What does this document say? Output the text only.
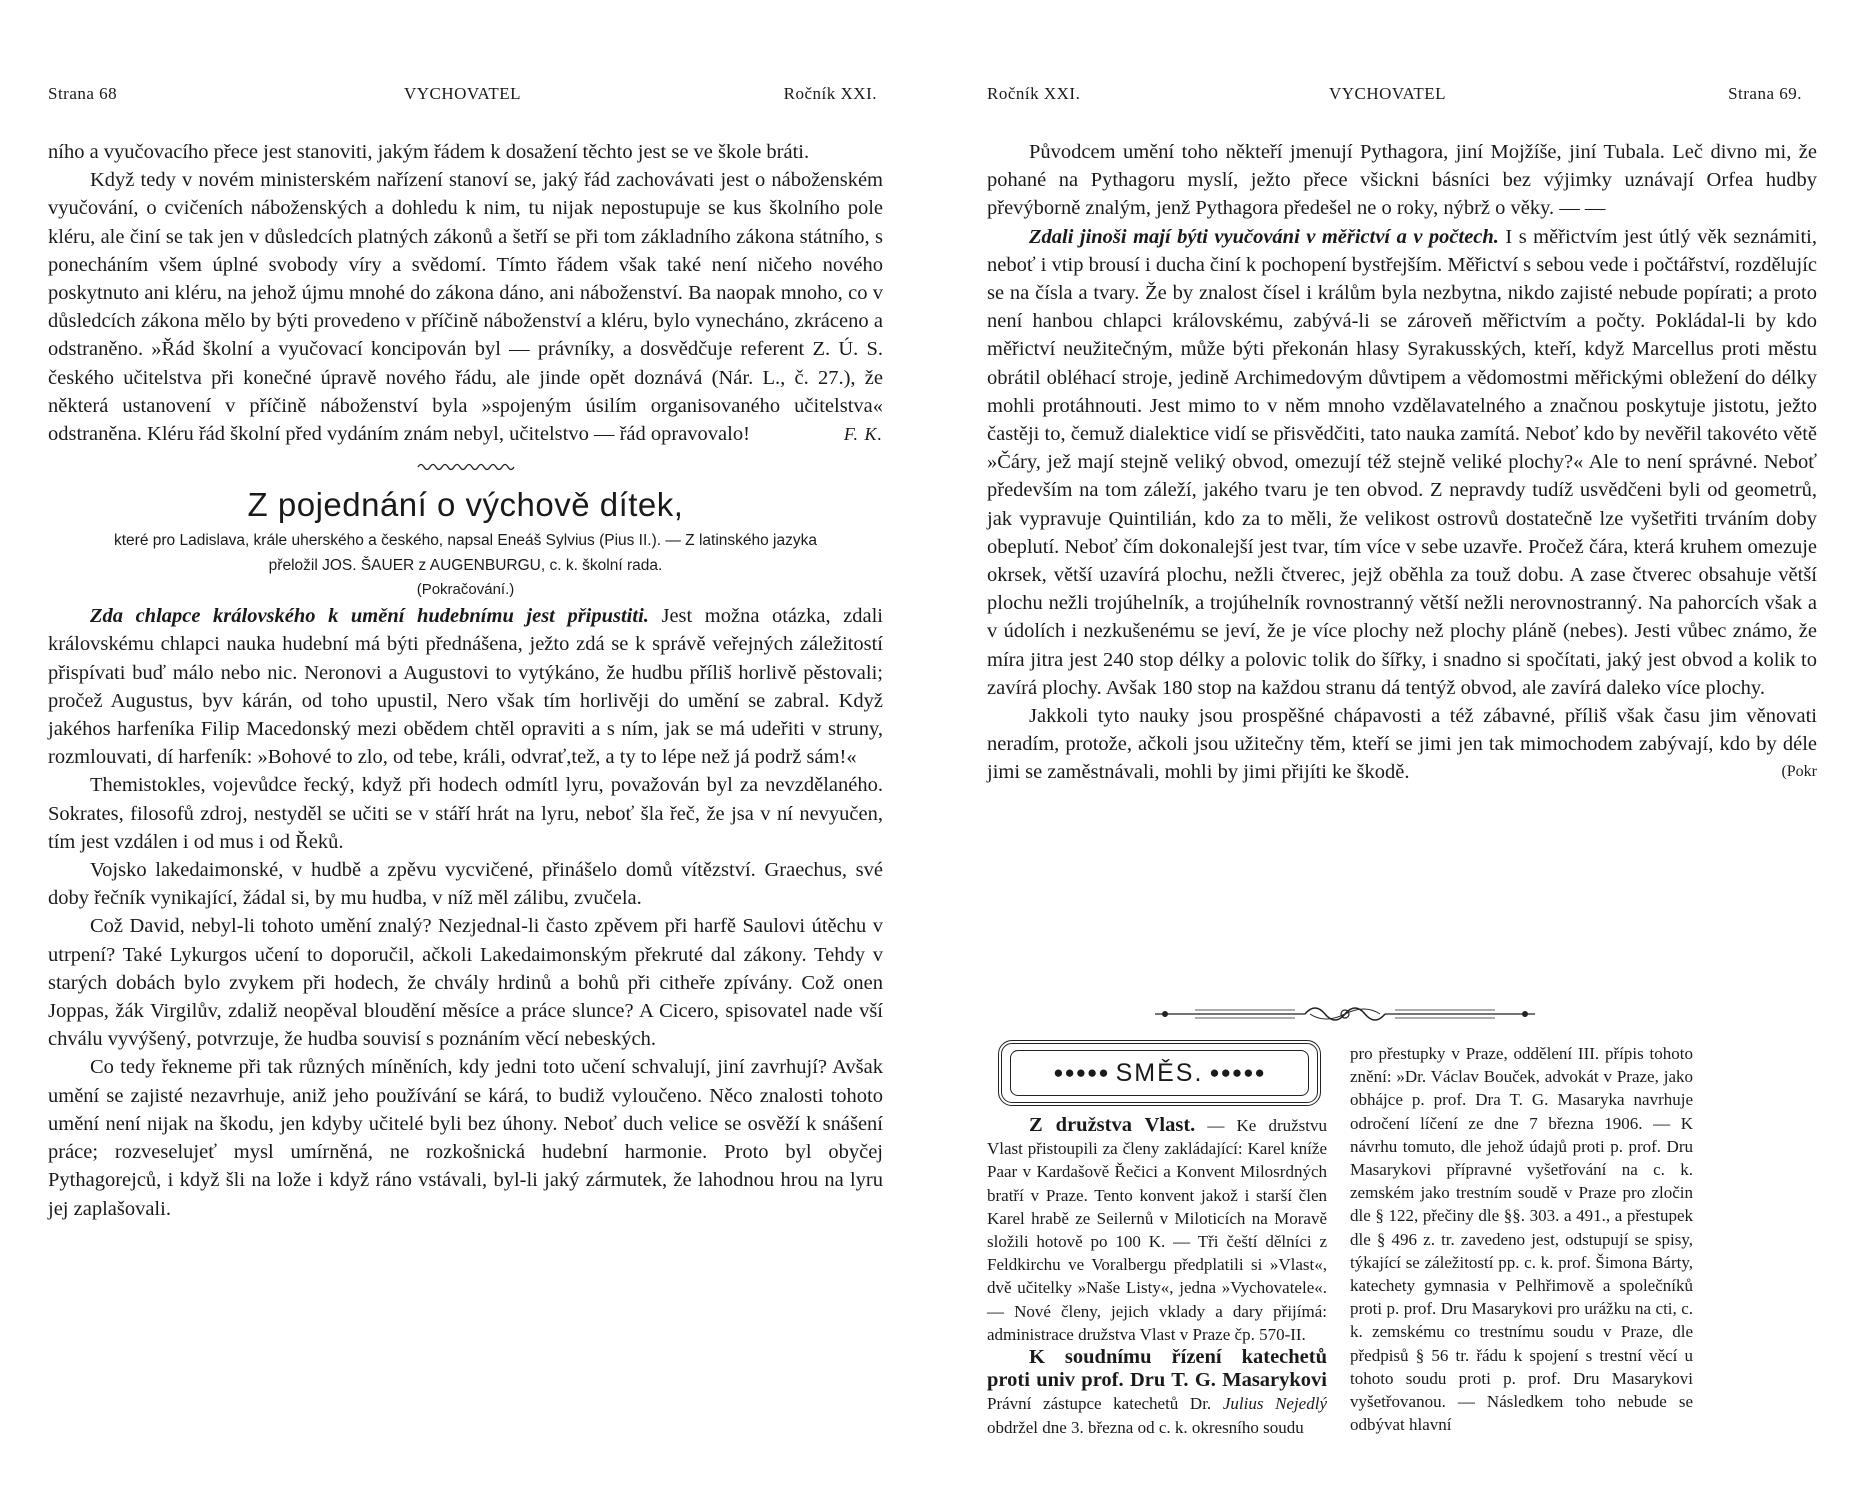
Strana 68	VYCHOVATEL	Ročník XXI.

ního a vyučovacího přece jest stanoviti, jakým řádem k dosažení těchto jest se ve škole bráti.

Když tedy v novém ministerském nařízení stanoví se, jaký řád zachovávati jest o náboženském vyučování, o cvičeních náboženských a dohledu k nim, tu nijak nepostupuje se kus školního pole kléru, ale činí se tak jen v důsledcích platných zákonů a šetří se při tom základního zákona státního, s ponecháním všem úplné svobody víry a svědomí. Tímto řádem však také není ničeho nového poskytnuto ani kléru, na jehož újmu mnohé do zákona dáno, ani náboženství. Ba naopak mnoho, co v důsledcích zákona mělo by býti provedeno v příčině náboženství a kléru, bylo vynecháno, zkráceno a odstraněno. »Řád školní a vyučovací koncipován byl — právníky, a dosvědčuje referent Z. Ú. S. českého učitelstva při konečné úpravě nového řádu, ale jinde opět doznává (Nár. L., č. 27.), že některá ustanovení v příčině náboženství byla »spojeným úsilím organisovaného učitelstva« odstraněna. Kléru řád školní před vydáním znám nebyl, učitelstvo — řád opravovalo!	F. K.

Z pojednání o výchově dítek,
které pro Ladislava, krále uherského a českého, napsal Eneáš Sylvius (Pius II.). — Z latinského jazyka
přeložil JOS. ŠAUER z AUGENBURGU, c. k. školní rada.
(Pokračování.)

Zda chlapce královského k umění hudebnímu jest připustiti. Jest možna otázka, zdali královskému chlapci nauka hudební má býti přednášena, ježto zdá se k správě veřejných záležitostí přispívati buď málo nebo nic. Neronovi a Augustovi to vytýkáno, že hudbu příliš horlivě pěstovali; pročež Augustus, byv kárán, od toho upustil, Nero však tím horlivěji do umění se zabral. Když jakéhos harfeníka Filip Macedonský mezi obědem chtěl opraviti a s ním, jak se má udeřiti v struny, rozmlouvati, dí harfeník: »Bohové to zlo, od tebe, králi, odvrať,tež, a ty to lépe než já podrž sám!«

Themistokles, vojevůdce řecký, když při hodech odmítl lyru, považován byl za nevzdělaného. Sokrates, filosofů zdroj, nestyděl se učiti se v stáří hrát na lyru, neboť šla řeč, že jsa v ní nevyučen, tím jest vzdálen i od mus i od Řeků.

Vojsko lakedaimonské, v hudbě a zpěvu vycvičené, přinášelo domů vítězství. Graechus, své doby řečník vynikající, žádal si, by mu hudba, v níž měl zálibu, zvučela.

Což David, nebyl-li tohoto umění znalý? Nezjednal-li často zpěvem při harfě Saulovi útěchu v utrpení? Také Lykurgos učení to doporučil, ačkoli Lakedaimonským překruté dal zákony. Tehdy v starých dobách bylo zvykem při hodech, že chvály hrdinů a bohů při citheře zpívány. Což onen Joppas, žák Virgilův, zdaliž neopěval bloudění měsíce a práce slunce? A Cicero, spisovatel nade vší chválu vyvýšený, potvrzuje, že hudba souvisí s poznáním věcí nebeských.

Co tedy řekneme při tak různých míněních, kdy jedni toto učení schvalují, jiní zavrhují? Avšak umění se zajisté nezavrhuje, aniž jeho používání se kárá, to budiž vyloučeno. Něco znalosti tohoto umění není nijak na škodu, jen kdyby učitelé byli bez úhony. Neboť duch velice se osvěží k snášení práce; rozveselujeť mysl umírněná, ne rozkošnická hudební harmonie. Proto byl obyčej Pythagorejců, i když šli na lože i když ráno vstávali, byl-li jaký zármutek, že lahodnou hrou na lyru jej zaplašovali.

Ročník XXI.	VYCHOVATEL	Strana 69.

Původcem umění toho někteří jmenují Pythagora, jiní Mojžíše, jiní Tubala. Leč divno mi, že pohané na Pythagoru myslí, ježto přece všickni básníci bez výjimky uznávají Orfea hudby převýborně znalým, jenž Pythagora předešel ne o roky, nýbrž o věky. — —

Zdali jinoši mají býti vyučováni v měřictví a v počtech. I s měřictvím jest útlý věk seznámiti, neboť i vtip brousí i ducha činí k pochopení bystřejším. Měřictví s sebou vede i počtářství, rozdělujíc se na čísla a tvary. Že by znalost čísel i králům byla nezbytna, nikdo zajisté nebude popírati; a proto není hanbou chlapci královskému, zabývá-li se zároveň měřictvím a počty. Pokládal-li by kdo měřictví neužitečným, může býti překonán hlasy Syrakusských, kteří, když Marcellus proti městu obrátil obléhací stroje, jedině Archimedovým důvtipem a vědomostmi měřickými obležení do délky mohli protáhnouti. Jest mimo to v něm mnoho vzdělavatelného a značnou poskytuje jistotu, ježto častěji to, čemuž dialektice vidí se přisvědčiti, tato nauka zamítá. Neboť kdo by nevěřil takovéto větě »Čáry, jež mají stejně veliký obvod, omezují též stejně veliké plochy?« Ale to není správné. Neboť především na tom záleží, jakého tvaru je ten obvod. Z nepravdy tudíž usvědčeni byli od geometrů, jak vypravuje Quintilián, kdo za to měli, že velikost ostrovů dostatečně lze vyšetřiti trváním doby obeplutí. Neboť čím dokonalejší jest tvar, tím více v sebe uzavře. Pročež čára, která kruhem omezuje okrsek, větší uzavírá plochu, nežli čtverec, jejž oběhla za touž dobu. A zase čtverec obsahuje větší plochu nežli trojúhelník, a trojúhelník rovnostranný větší nežli nerovnostranný. Na pahorcích však a v údolích i nezkušenému se jeví, že je více plochy než plochy pláně (nebes). Jesti vůbec známo, že míra jitra jest 240 stop délky a polovic tolik do šířky, i snadno si spočítati, jaký jest obvod a kolik to zavírá plochy. Avšak 180 stop na každou stranu dá tentýž obvod, ale zavírá daleko více plochy.

Jakkoli tyto nauky jsou prospěšné chápavosti a též zábavné, příliš však času jim věnovati neradím, protože, ačkoli jsou užitečny těm, kteří se jimi jen tak mimochodem zabývají, kdo by déle jimi se zaměstnávali, mohli by jimi přijíti ke škodě.	(Pokr

●●●●● SMĚS. ●●●●●

Z družstva Vlast. — Ke družstvu Vlast přistoupili za členy zakládající: Karel kníže Paar v Kardašově Řečici a Konvent Milosrdných bratří v Praze. Tento konvent jakož i starší člen Karel hrabě ze Seilernů v Miloticích na Moravě složili hotově po 100 K. — Tři čeští dělníci z Feldkirchu ve Voralbergu předplatili si »Vlast«, dvě učitelky »Naše Listy«, jedna »Vychovatele«. — Nové členy, jejich vklady a dary přijímá: administrace družstva Vlast v Praze čp. 570-II.

K soudnímu řízení katechetů proti univ prof. Dru T. G. Masarykovi Právní zástupce katechetů Dr. Julius Nejedlý obdržel dne 3. března od c. k. okresního soudu

pro přestupky v Praze, oddělení III. přípis tohoto znění: »Dr. Václav Bouček, advokát v Praze, jako obhájce p. prof. Dra T. G. Masaryka navrhuje odročení líčení ze dne 7 března 1906. — K návrhu tomuto, dle jehož údajů proti p. prof. Dru Masarykovi přípravné vyšetřování na c. k. zemském jako trestním soudě v Praze pro zločin dle § 122, přečiny dle §§. 303. a 491., a přestupek dle § 496 z. tr. zavedeno jest, odstupují se spisy, týkající se záležitostí pp. c. k. prof. Šimona Bárty, katechety gymnasia v Pelhřimově a společníků proti p. prof. Dru Masarykovi pro urážku na cti, c. k. zemskému co trestnímu soudu v Praze, dle předpisů § 56 tr. řádu k spojení s trestní věcí u tohoto soudu proti p. prof. Dru Masarykovi vyšetřovanou. — Následkem toho nebude se odbývat hlavní
